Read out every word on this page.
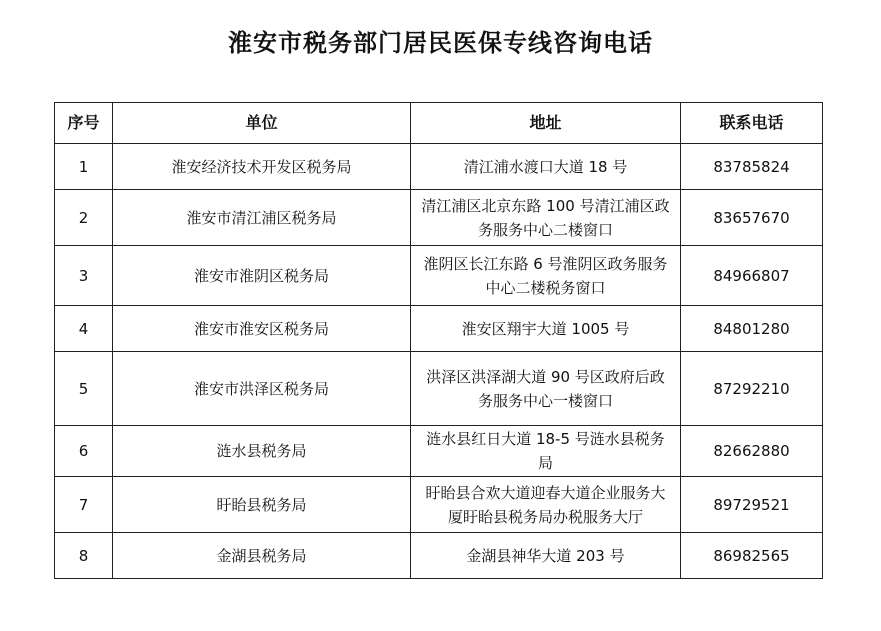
淮安市税务部门居民医保专线咨询电话
序号	单位	地址	联系电话
1	淮安经济技术开发区税务局	清江浦水渡口大道 18 号	83785824
2	淮安市清江浦区税务局	清江浦区北京东路 100 号清江浦区政务服务中心二楼窗口	83657670
3	淮安市淮阴区税务局	淮阴区长江东路 6 号淮阴区政务服务中心二楼税务窗口	84966807
4	淮安市淮安区税务局	淮安区翔宇大道 1005 号	84801280
5	淮安市洪泽区税务局	洪泽区洪泽湖大道 90 号区政府后政务服务中心一楼窗口	87292210
6	涟水县税务局	涟水县红日大道 18-5 号涟水县税务局	82662880
7	盱眙县税务局	盱眙县合欢大道迎春大道企业服务大厦盱眙县税务局办税服务大厅	89729521
8	金湖县税务局	金湖县神华大道 203 号	86982565
